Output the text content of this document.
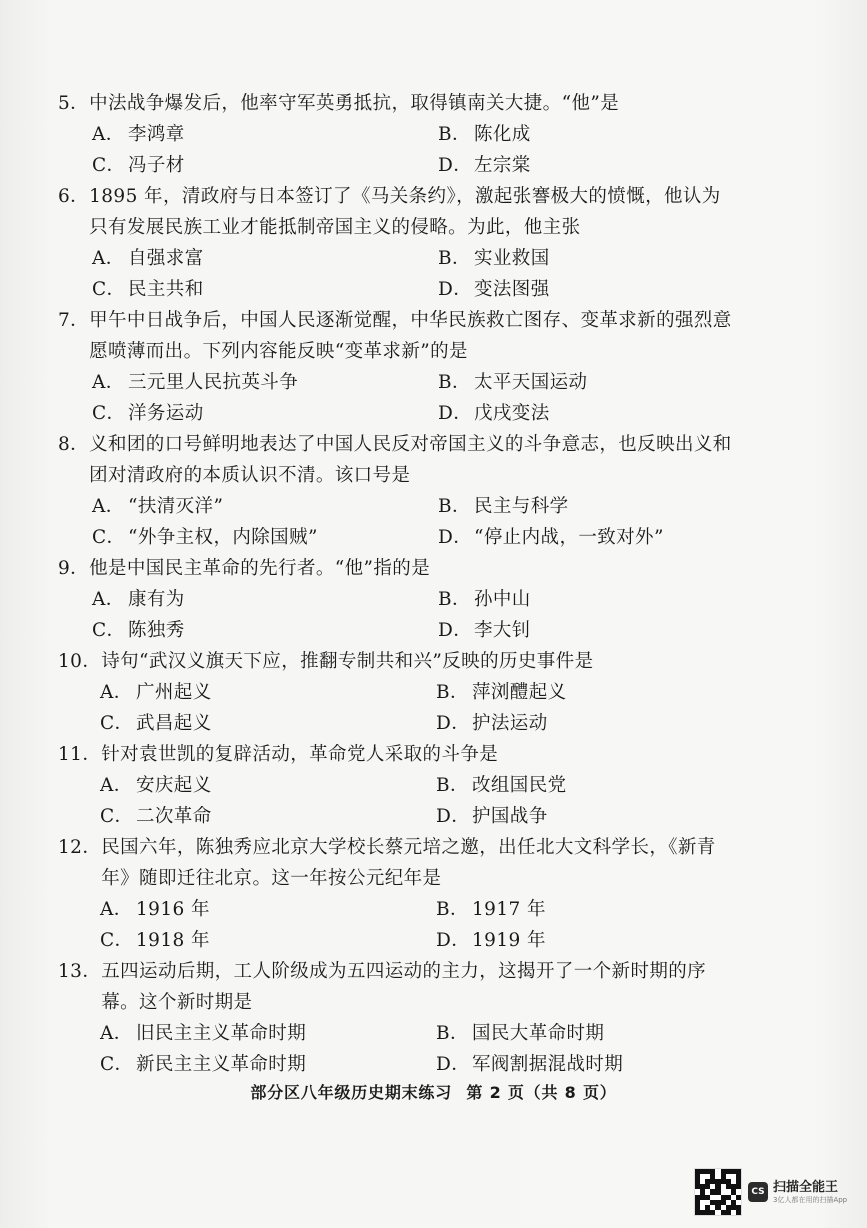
5． 中法战争爆发后，他率守军英勇抵抗，取得镇南关大捷。“他”是
A． 李鸿章	B． 陈化成
C． 冯子材	D． 左宗棠
6． 1895 年，清政府与日本签订了《马关条约》，激起张謇极大的愤慨，他认为只有发展民族工业才能抵制帝国主义的侵略。为此，他主张
A． 自强求富	B． 实业救国
C． 民主共和	D． 变法图强
7． 甲午中日战争后，中国人民逐渐觉醒，中华民族救亡图存、变革求新的强烈意愿喷薄而出。下列内容能反映“变革求新”的是
A． 三元里人民抗英斗争	B． 太平天国运动
C． 洋务运动	D． 戊戌变法
8． 义和团的口号鲜明地表达了中国人民反对帝国主义的斗争意志，也反映出义和团对清政府的本质认识不清。该口号是
A． “扶清灭洋”	B． 民主与科学
C． “外争主权，内除国贼”	D． “停止内战，一致对外”
9． 他是中国民主革命的先行者。“他”指的是
A． 康有为	B． 孙中山
C． 陈独秀	D． 李大钊
10． 诗句“武汉义旗天下应，推翻专制共和兴”反映的历史事件是
A． 广州起义	B． 萍浏醴起义
C． 武昌起义	D． 护法运动
11． 针对袁世凯的复辟活动，革命党人采取的斗争是
A． 安庆起义	B． 改组国民党
C． 二次革命	D． 护国战争
12． 民国六年，陈独秀应北京大学校长蔡元培之邀，出任北大文科学长，《新青年》随即迁往北京。这一年按公元纪年是
A． 1916 年	B． 1917 年
C． 1918 年	D． 1919 年
13． 五四运动后期，工人阶级成为五四运动的主力，这揭开了一个新时期的序幕。这个新时期是
A． 旧民主主义革命时期	B． 国民大革命时期
C． 新民主主义革命时期	D． 军阀割据混战时期
部分区八年级历史期末练习 第 2 页（共 8 页）
CS 扫描全能王
3亿人都在用的扫描App
